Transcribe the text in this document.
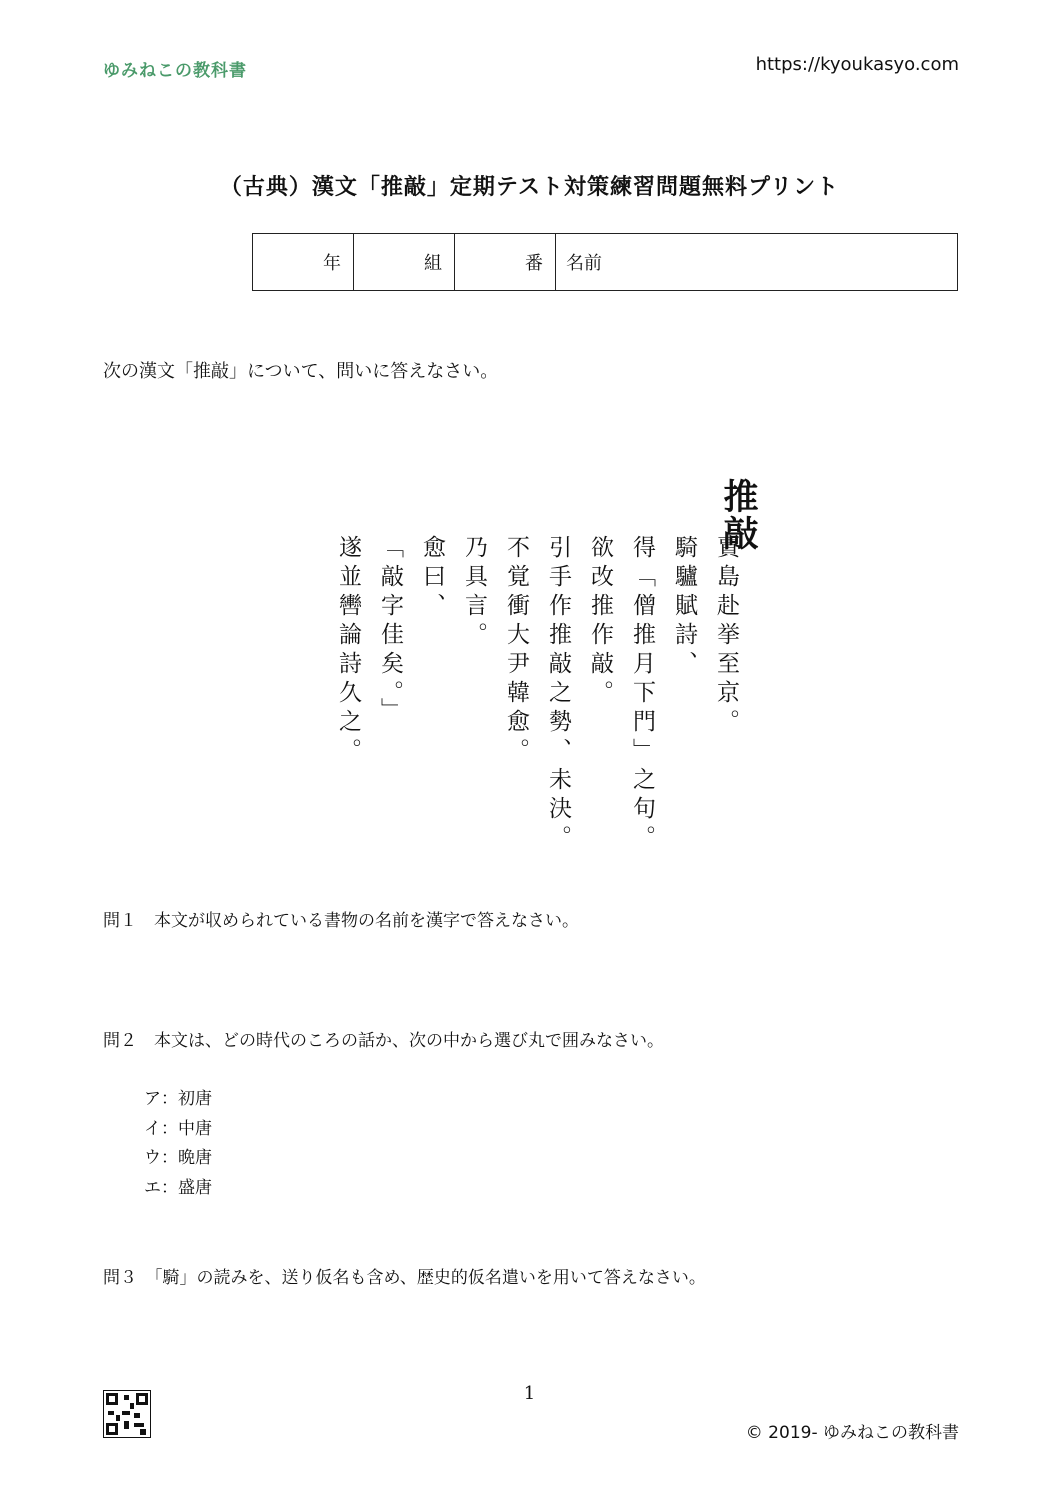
ゆみねこの教科書	https://kyoukasyo.com
（古典）漢文「推敲」定期テスト対策練習問題無料プリント
年	組	番	名前
次の漢文「推敲」について、問いに答えなさい。
推敲
賈島赴挙至京。
騎驢賦詩、
得「僧推月下門」之句。
欲改推作敲。
引手作推敲之勢、未決。
不覚衝大尹韓愈。
乃具言。
愈曰、
「敲字佳矣。」
遂並轡論詩久之。
問１　本文が収められている書物の名前を漢字で答えなさい。
問２　本文は、どの時代のころの話か、次の中から選び丸で囲みなさい。
ア：初唐
イ：中唐
ウ：晩唐
エ：盛唐
問３　「騎」の読みを、送り仮名も含め、歴史的仮名遣いを用いて答えなさい。
1
© 2019- ゆみねこの教科書
